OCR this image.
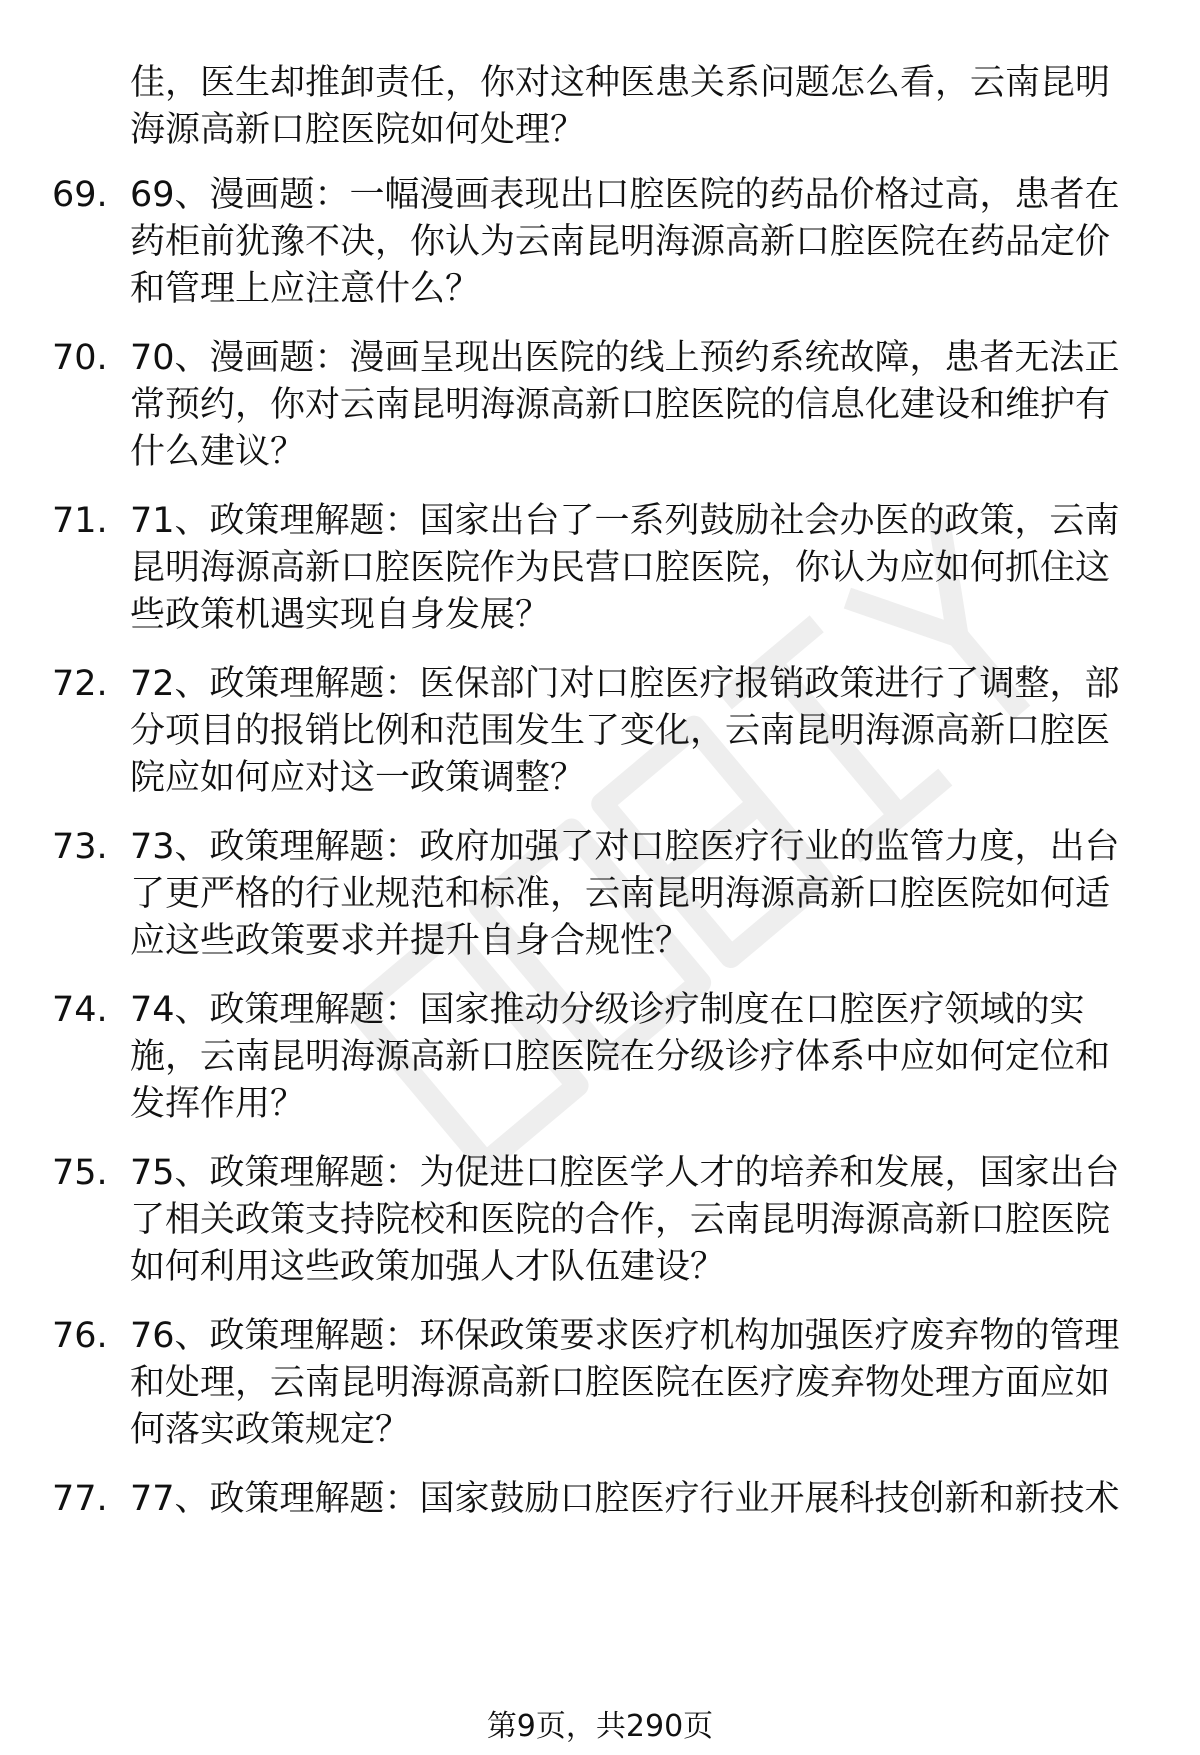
佳，医生却推卸责任，你对这种医患关系问题怎么看，云南昆明海源高新口腔医院如何处理？
69. 69、漫画题：一幅漫画表现出口腔医院的药品价格过高，患者在药柜前犹豫不决，你认为云南昆明海源高新口腔医院在药品定价和管理上应注意什么？
70. 70、漫画题：漫画呈现出医院的线上预约系统故障，患者无法正常预约，你对云南昆明海源高新口腔医院的信息化建设和维护有什么建议？
71. 71、政策理解题：国家出台了一系列鼓励社会办医的政策，云南昆明海源高新口腔医院作为民营口腔医院，你认为应如何抓住这些政策机遇实现自身发展？
72. 72、政策理解题：医保部门对口腔医疗报销政策进行了调整，部分项目的报销比例和范围发生了变化，云南昆明海源高新口腔医院应如何应对这一政策调整？
73. 73、政策理解题：政府加强了对口腔医疗行业的监管力度，出台了更严格的行业规范和标准，云南昆明海源高新口腔医院如何适应这些政策要求并提升自身合规性？
74. 74、政策理解题：国家推动分级诊疗制度在口腔医疗领域的实施，云南昆明海源高新口腔医院在分级诊疗体系中应如何定位和发挥作用？
75. 75、政策理解题：为促进口腔医学人才的培养和发展，国家出台了相关政策支持院校和医院的合作，云南昆明海源高新口腔医院如何利用这些政策加强人才队伍建设？
76. 76、政策理解题：环保政策要求医疗机构加强医疗废弃物的管理和处理，云南昆明海源高新口腔医院在医疗废弃物处理方面应如何落实政策规定？
77. 77、政策理解题：国家鼓励口腔医疗行业开展科技创新和新技术
第9页，共290页
